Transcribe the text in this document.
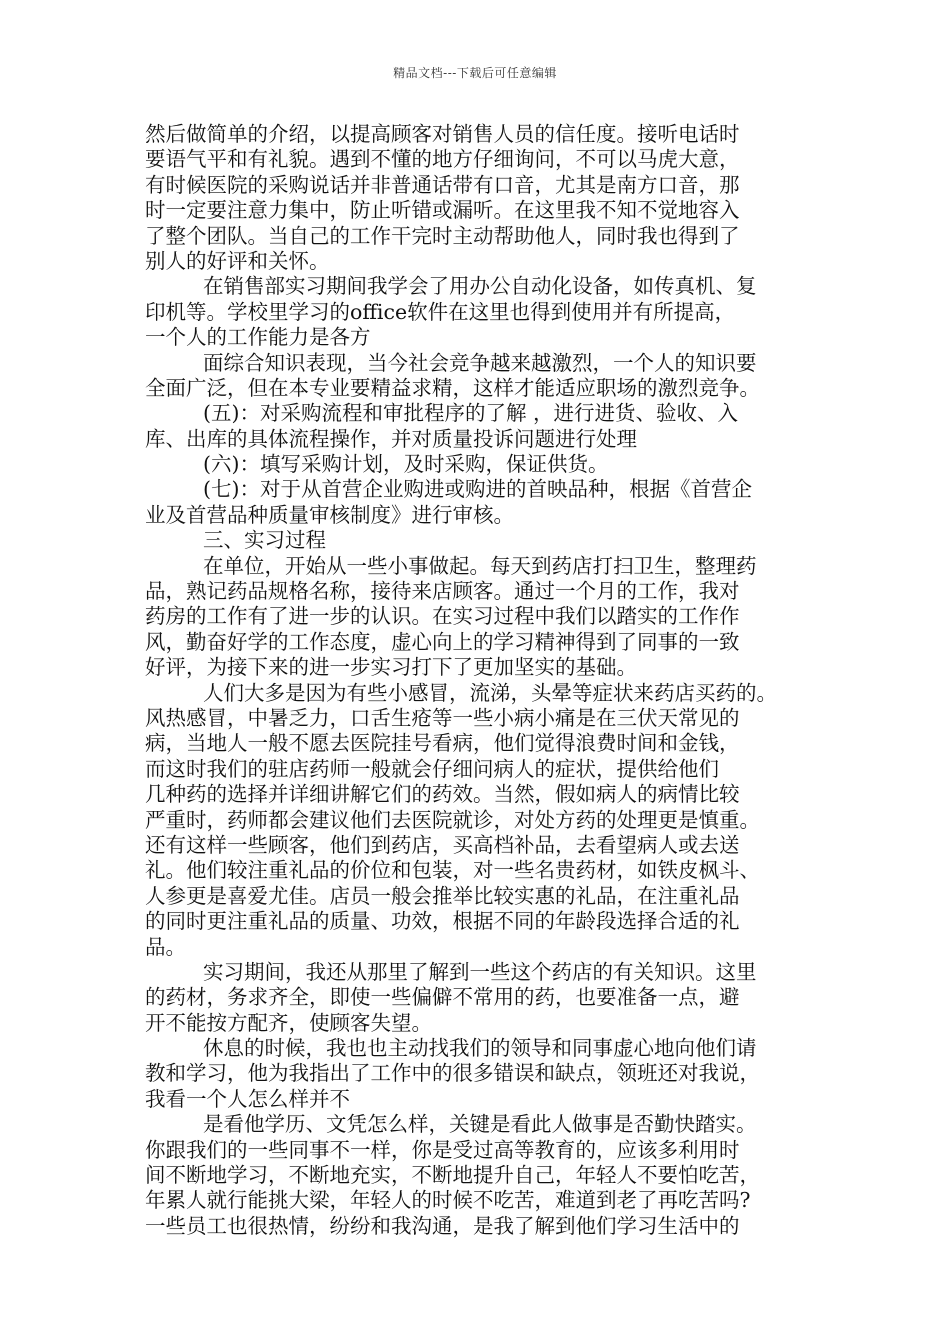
精品文档---下载后可任意编辑
然后做简单的介绍，以提高顾客对销售人员的信任度。接听电话时
要语气平和有礼貌。遇到不懂的地方仔细询问，不可以马虎大意，
有时候医院的采购说话并非普通话带有口音，尤其是南方口音，那
时一定要注意力集中，防止听错或漏听。在这里我不知不觉地容入
了整个团队。当自己的工作干完时主动帮助他人，同时我也得到了
别人的好评和关怀。
在销售部实习期间我学会了用办公自动化设备，如传真机、复
印机等。学校里学习的office软件在这里也得到使用并有所提高，
一个人的工作能力是各方
面综合知识表现，当今社会竞争越来越激烈，一个人的知识要
全面广泛，但在本专业要精益求精，这样才能适应职场的激烈竞争。
(五)：对采购流程和审批程序的了解 ，进行进货、验收、入
库、出库的具体流程操作，并对质量投诉问题进行处理
(六)：填写采购计划，及时采购，保证供货。
(七)：对于从首营企业购进或购进的首映品种，根据《首营企
业及首营品种质量审核制度》进行审核。
三、实习过程
在单位，开始从一些小事做起。每天到药店打扫卫生，整理药
品，熟记药品规格名称，接待来店顾客。通过一个月的工作，我对
药房的工作有了进一步的认识。在实习过程中我们以踏实的工作作
风，勤奋好学的工作态度，虚心向上的学习精神得到了同事的一致
好评，为接下来的进一步实习打下了更加坚实的基础。
人们大多是因为有些小感冒，流涕，头晕等症状来药店买药的。
风热感冒，中暑乏力，口舌生疮等一些小病小痛是在三伏天常见的
病，当地人一般不愿去医院挂号看病，他们觉得浪费时间和金钱，
而这时我们的驻店药师一般就会仔细问病人的症状，提供给他们
几种药的选择并详细讲解它们的药效。当然，假如病人的病情比较
严重时，药师都会建议他们去医院就诊，对处方药的处理更是慎重。
还有这样一些顾客，他们到药店，买高档补品，去看望病人或去送
礼。他们较注重礼品的价位和包装，对一些名贵药材，如铁皮枫斗、
人参更是喜爱尤佳。店员一般会推举比较实惠的礼品，在注重礼品
的同时更注重礼品的质量、功效，根据不同的年龄段选择合适的礼
品。
实习期间，我还从那里了解到一些这个药店的有关知识。这里
的药材，务求齐全，即使一些偏僻不常用的药，也要准备一点，避
开不能按方配齐，使顾客失望。
休息的时候，我也也主动找我们的领导和同事虚心地向他们请
教和学习，他为我指出了工作中的很多错误和缺点，领班还对我说，
我看一个人怎么样并不
是看他学历、文凭怎么样，关键是看此人做事是否勤快踏实。
你跟我们的一些同事不一样，你是受过高等教育的，应该多利用时
间不断地学习，不断地充实，不断地提升自己，年轻人不要怕吃苦，
年累人就行能挑大梁，年轻人的时候不吃苦，难道到老了再吃苦吗?
一些员工也很热情，纷纷和我沟通，是我了解到他们学习生活中的
